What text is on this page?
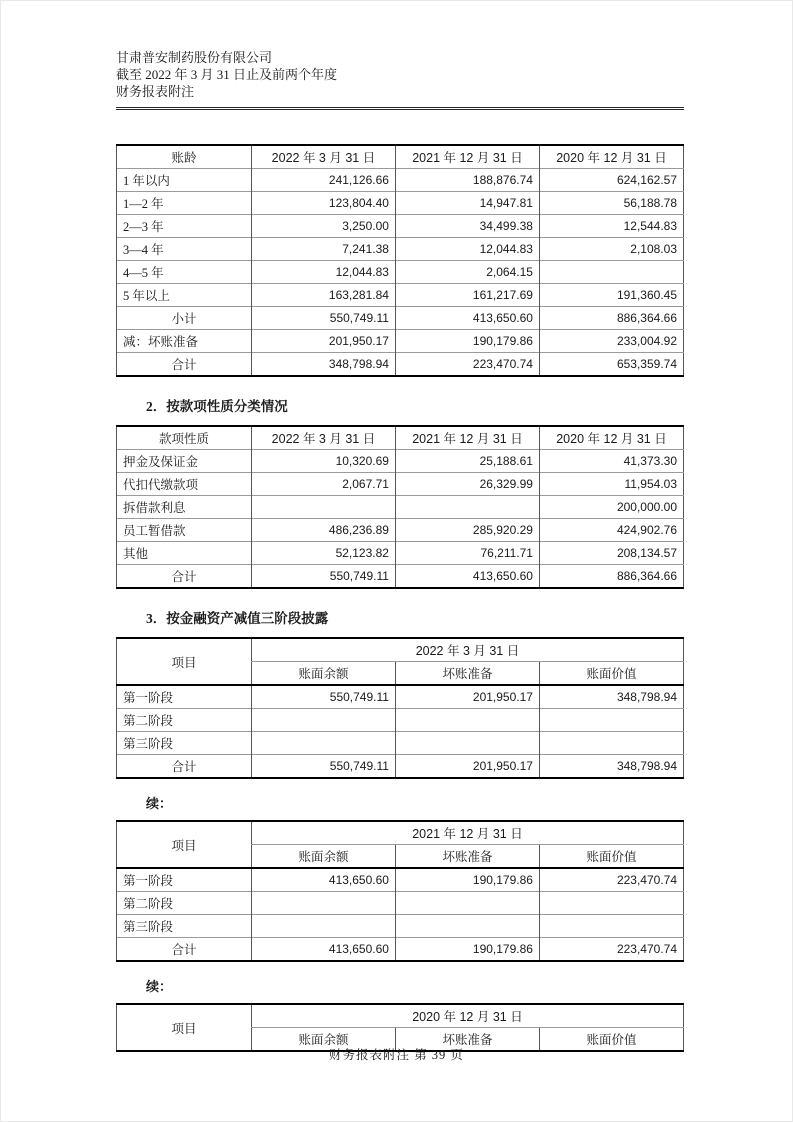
甘肃普安制药股份有限公司
截至 2022 年 3 月 31 日止及前两个年度
财务报表附注
账龄	2022 年 3 月 31 日	2021 年 12 月 31 日	2020 年 12 月 31 日
1 年以内	241,126.66	188,876.74	624,162.57
1—2 年	123,804.40	14,947.81	56,188.78
2—3 年	3,250.00	34,499.38	12,544.83
3—4 年	7,241.38	12,044.83	2,108.03
4—5 年	12,044.83	2,064.15	
5 年以上	163,281.84	161,217.69	191,360.45
小计	550,749.11	413,650.60	886,364.66
减：坏账准备	201,950.17	190,179.86	233,004.92
合计	348,798.94	223,470.74	653,359.74
2．按款项性质分类情况
款项性质	2022 年 3 月 31 日	2021 年 12 月 31 日	2020 年 12 月 31 日
押金及保证金	10,320.69	25,188.61	41,373.30
代扣代缴款项	2,067.71	26,329.99	11,954.03
拆借款利息			200,000.00
员工暂借款	486,236.89	285,920.29	424,902.76
其他	52,123.82	76,211.71	208,134.57
合计	550,749.11	413,650.60	886,364.66
3．按金融资产减值三阶段披露
项目	2022 年 3 月 31 日		
	账面余额	坏账准备	账面价值
第一阶段	550,749.11	201,950.17	348,798.94
第二阶段			
第三阶段			
合计	550,749.11	201,950.17	348,798.94
续：
项目	2021 年 12 月 31 日		
	账面余额	坏账准备	账面价值
第一阶段	413,650.60	190,179.86	223,470.74
第二阶段			
第三阶段			
合计	413,650.60	190,179.86	223,470.74
续：
项目	2020 年 12 月 31 日		
	账面余额	坏账准备	账面价值
财务报表附注 第 39 页
